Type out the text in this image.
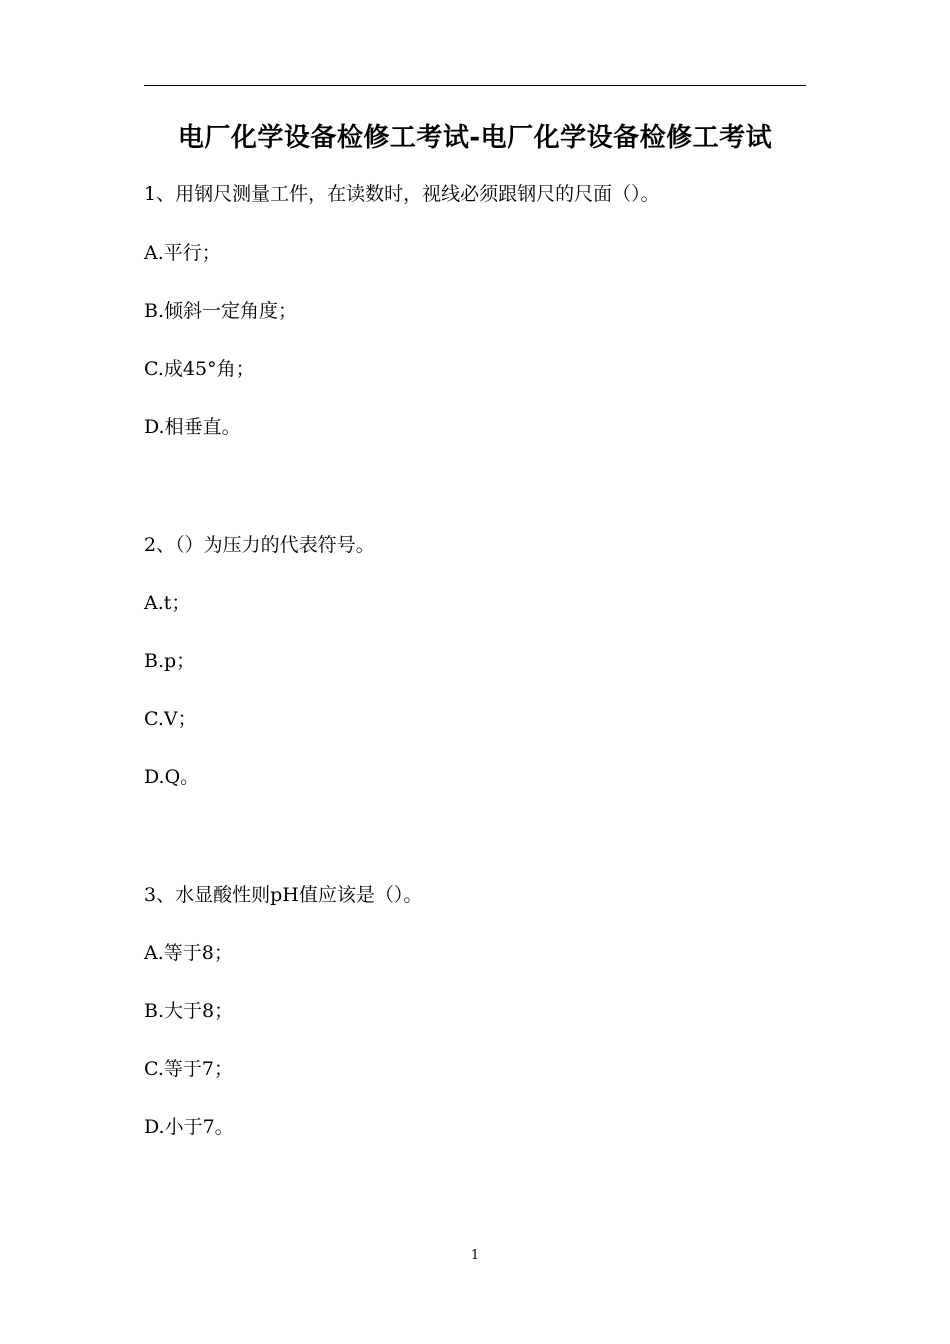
电厂化学设备检修工考试-电厂化学设备检修工考试
1、用钢尺测量工件，在读数时，视线必须跟钢尺的尺面（）。
A.平行；
B.倾斜一定角度；
C.成45°角；
D.相垂直。
2、（）为压力的代表符号。
A.t；
B.p；
C.V；
D.Q。
3、水显酸性则pH值应该是（）。
A.等于8；
B.大于8；
C.等于7；
D.小于7。
1
